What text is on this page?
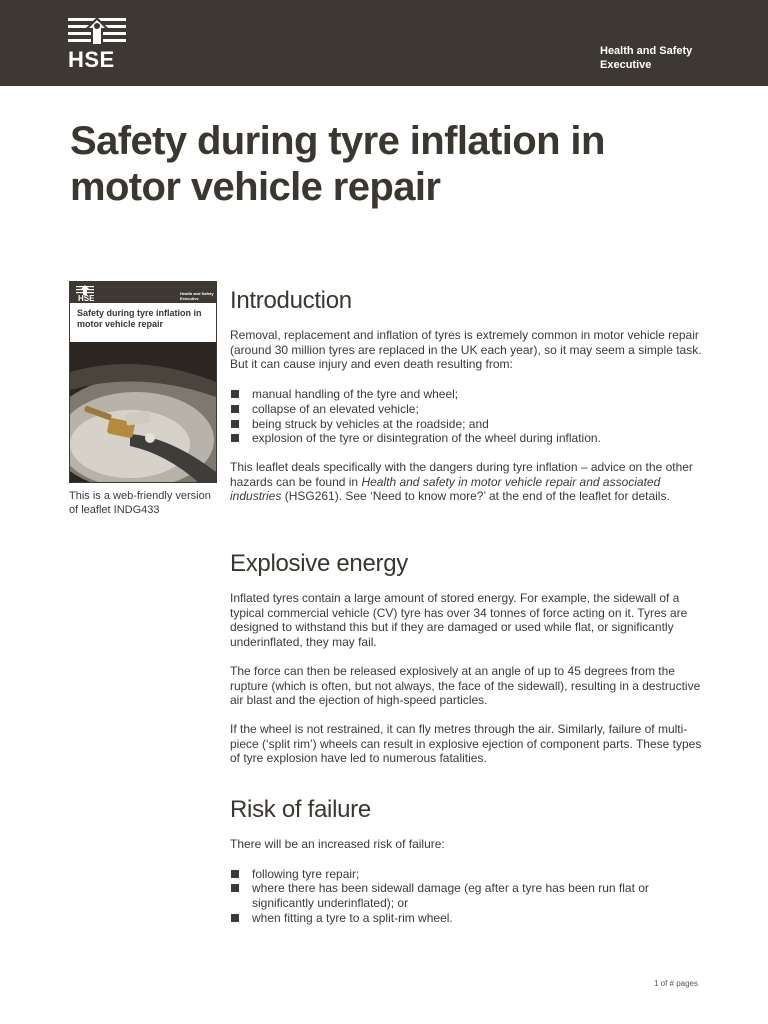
HSE	Health and Safety
Executive
Safety during tyre inflation in
motor vehicle repair
HSE
Health and Safety Executive
Safety during tyre inflation in
motor vehicle repair
This is a web-friendly version
of leaflet INDG433
Introduction

Removal, replacement and inflation of tyres is extremely common in motor vehicle repair (around 30 million tyres are replaced in the UK each year), so it may seem a simple task. But it can cause injury and even death resulting from:

manual handling of the tyre and wheel;
collapse of an elevated vehicle;
being struck by vehicles at the roadside; and
explosion of the tyre or disintegration of the wheel during inflation.

This leaflet deals specifically with the dangers during tyre inflation – advice on the other hazards can be found in Health and safety in motor vehicle repair and associated industries (HSG261). See ‘Need to know more?’ at the end of the leaflet for details.

Explosive energy

Inflated tyres contain a large amount of stored energy. For example, the sidewall of a typical commercial vehicle (CV) tyre has over 34 tonnes of force acting on it. Tyres are designed to withstand this but if they are damaged or used while flat, or significantly underinflated, they may fail.

The force can then be released explosively at an angle of up to 45 degrees from the rupture (which is often, but not always, the face of the sidewall), resulting in a destructive air blast and the ejection of high-speed particles.

If the wheel is not restrained, it can fly metres through the air. Similarly, failure of multi-piece (‘split rim’) wheels can result in explosive ejection of component parts. These types of tyre explosion have led to numerous fatalities.

Risk of failure

There will be an increased risk of failure:

following tyre repair;
where there has been sidewall damage (eg after a tyre has been run flat or significantly underinflated); or
when fitting a tyre to a split-rim wheel.
1 of # pages
